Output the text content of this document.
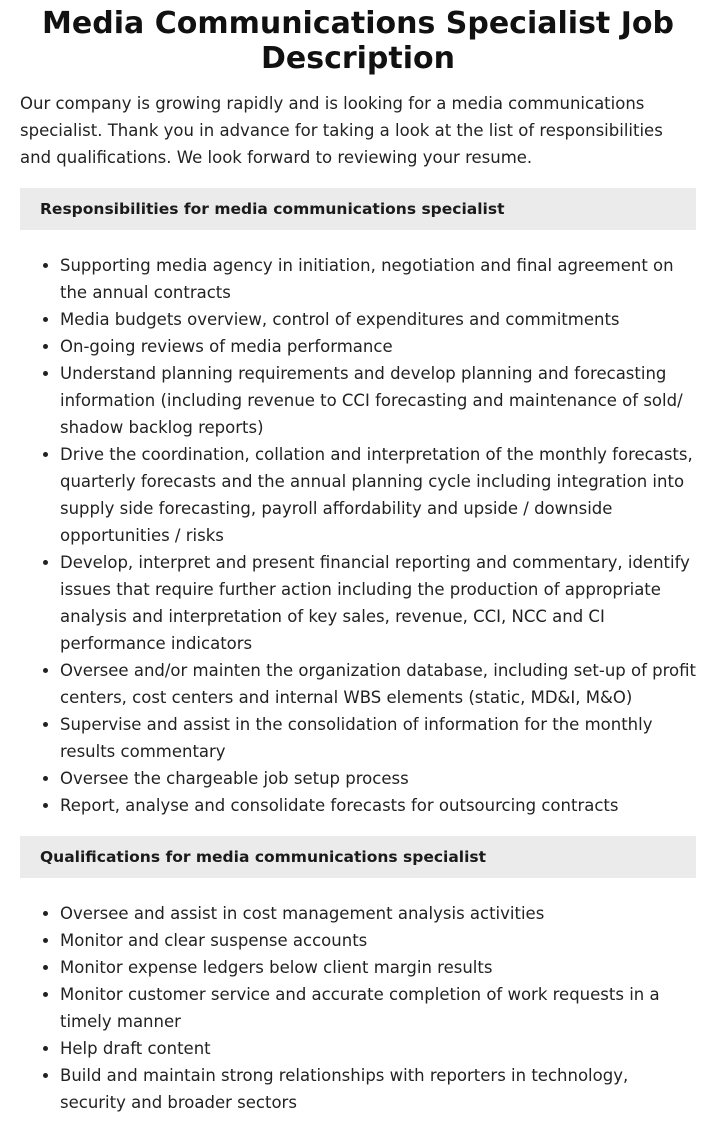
Media Communications Specialist Job Description

Our company is growing rapidly and is looking for a media communications specialist. Thank you in advance for taking a look at the list of responsibilities and qualifications. We look forward to reviewing your resume.

Responsibilities for media communications specialist
• Supporting media agency in initiation, negotiation and final agreement on the annual contracts
• Media budgets overview, control of expenditures and commitments
• On-going reviews of media performance
• Understand planning requirements and develop planning and forecasting information (including revenue to CCI forecasting and maintenance of sold/ shadow backlog reports)
• Drive the coordination, collation and interpretation of the monthly forecasts, quarterly forecasts and the annual planning cycle including integration into supply side forecasting, payroll affordability and upside / downside opportunities / risks
• Develop, interpret and present financial reporting and commentary, identify issues that require further action including the production of appropriate analysis and interpretation of key sales, revenue, CCI, NCC and CI performance indicators
• Oversee and/or mainten the organization database, including set-up of profit centers, cost centers and internal WBS elements (static, MD&I, M&O)
• Supervise and assist in the consolidation of information for the monthly results commentary
• Oversee the chargeable job setup process
• Report, analyse and consolidate forecasts for outsourcing contracts
Qualifications for media communications specialist
• Oversee and assist in cost management analysis activities
• Monitor and clear suspense accounts
• Monitor expense ledgers below client margin results
• Monitor customer service and accurate completion of work requests in a timely manner
• Help draft content
• Build and maintain strong relationships with reporters in technology, security and broader sectors
